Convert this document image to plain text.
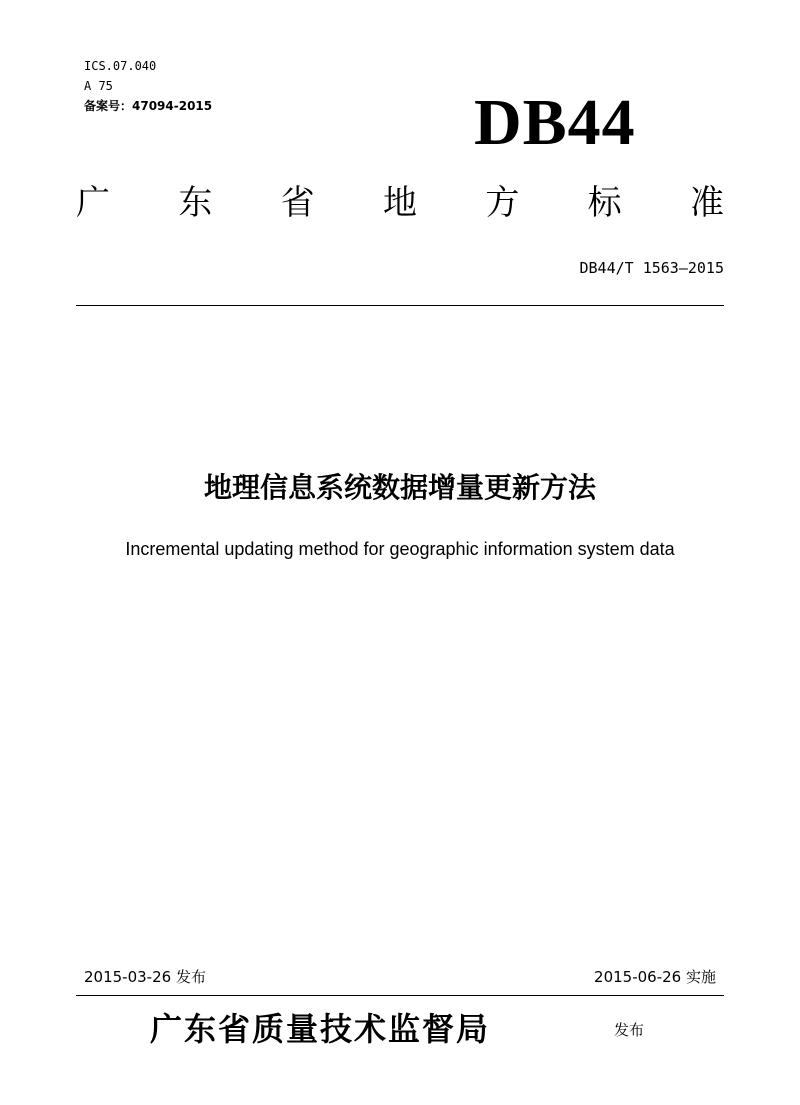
ICS.07.040
A 75
备案号：47094-2015	DB44
广 东 省 地 方 标 准
DB44/T 1563—2015
地理信息系统数据增量更新方法
Incremental updating method for geographic information system data
2015-03-26 发布	2015-06-26 实施
广东省质量技术监督局	发布
